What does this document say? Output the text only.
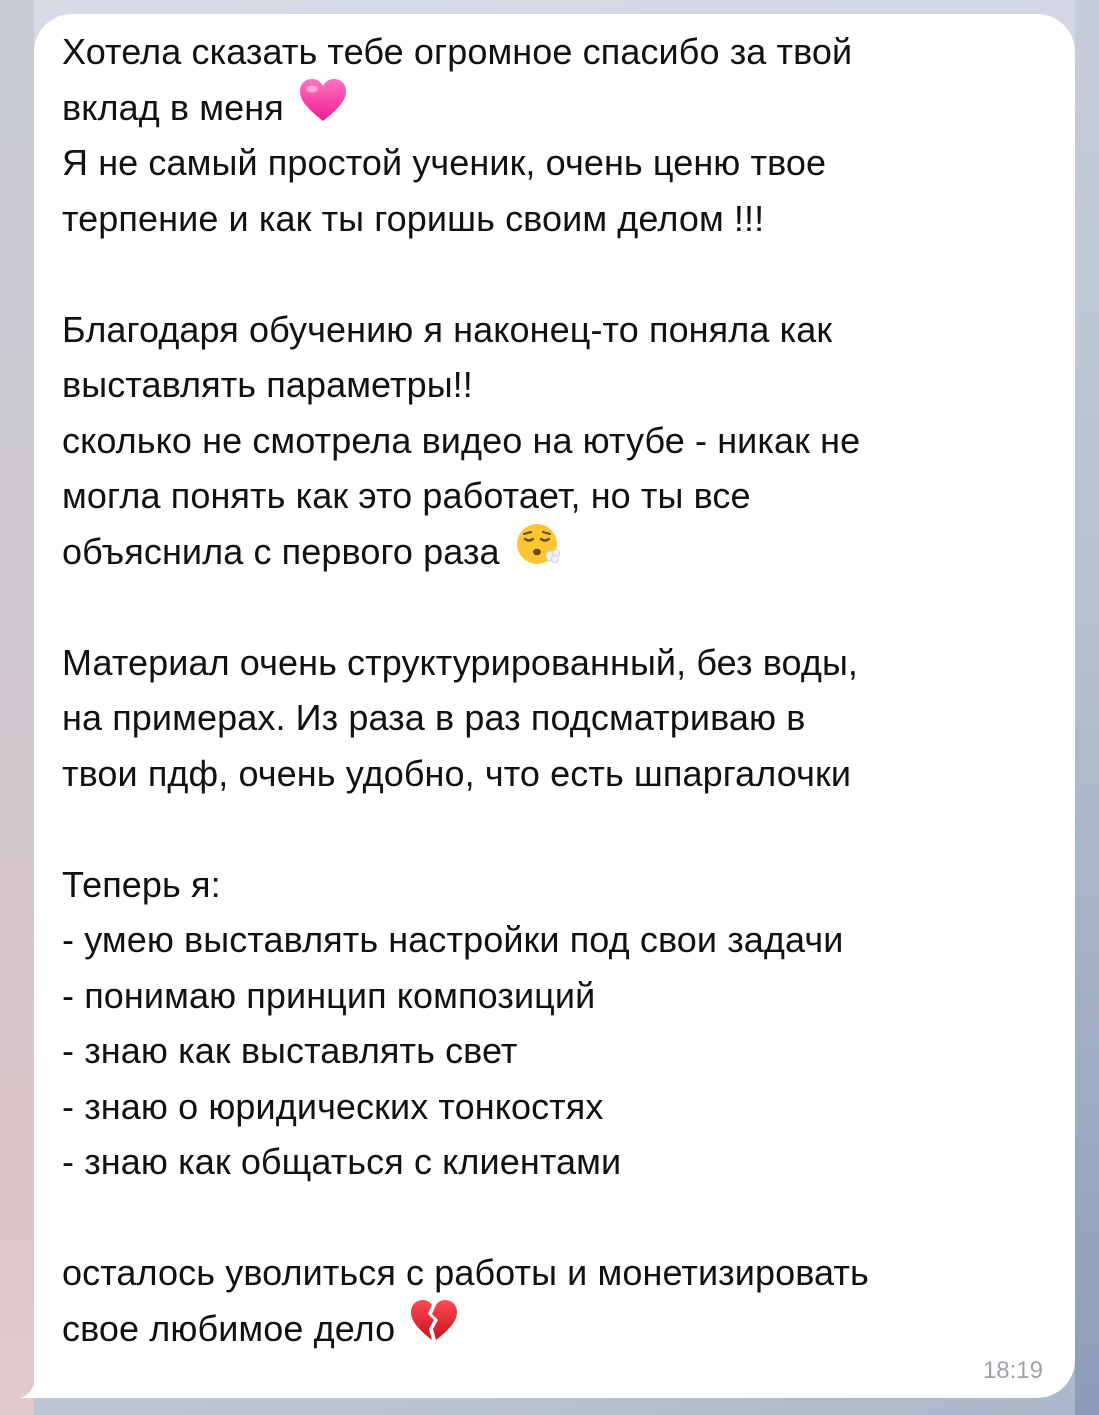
Хотела сказать тебе огромное спасибо за твой
вклад в меня
Я не самый простой ученик, очень ценю твое
терпение и как ты горишь своим делом !!!
Благодаря обучению я наконец-то поняла как
выставлять параметры!!
сколько не смотрела видео на ютубе - никак не
могла понять как это работает, но ты все
объяснила с первого раза
Материал очень структурированный, без воды,
на примерах. Из раза в раз подсматриваю в
твои пдф, очень удобно, что есть шпаргалочки
Теперь я:
- умею выставлять настройки под свои задачи
- понимаю принцип композиций
- знаю как выставлять свет
- знаю о юридических тонкостях
- знаю как общаться с клиентами
осталось уволиться с работы и монетизировать
свое любимое дело
18:19
